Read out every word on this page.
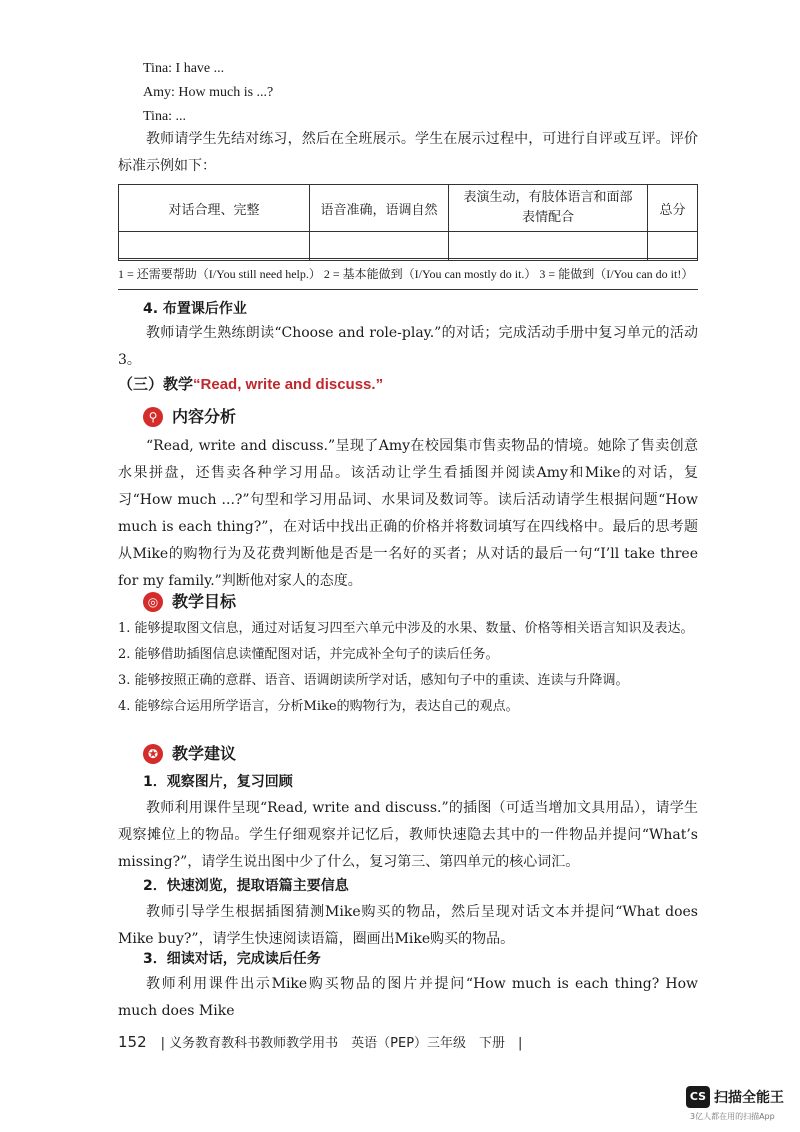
Tina: I have ...
Amy: How much is ...?
Tina: ...
教师请学生先结对练习，然后在全班展示。学生在展示过程中，可进行自评或互评。评价标准示例如下：
对话合理、完整	语音准确，语调自然	表演生动，有肢体语言和面部表情配合	总分

1 = 还需要帮助（I/You still need help.） 2 = 基本能做到（I/You can mostly do it.） 3 = 能做到（I/You can do it!）
4. 布置课后作业
教师请学生熟练朗读“Choose and role-play.”的对话；完成活动手册中复习单元的活动3。
（三）教学“Read, write and discuss.”
⚲ 内容分析
“Read, write and discuss.”呈现了Amy在校园集市售卖物品的情境。她除了售卖创意水果拼盘，还售卖各种学习用品。该活动让学生看插图并阅读Amy和Mike的对话，复习“How much ...?”句型和学习用品词、水果词及数词等。读后活动请学生根据问题“How much is each thing?”，在对话中找出正确的价格并将数词填写在四线格中。最后的思考题从Mike的购物行为及花费判断他是否是一名好的买者；从对话的最后一句“I’ll take three for my family.”判断他对家人的态度。
◎ 教学目标
1. 能够提取图文信息，通过对话复习四至六单元中涉及的水果、数量、价格等相关语言知识及表达。
2. 能够借助插图信息读懂配图对话，并完成补全句子的读后任务。
3. 能够按照正确的意群、语音、语调朗读所学对话，感知句子中的重读、连读与升降调。
4. 能够综合运用所学语言，分析Mike的购物行为，表达自己的观点。
✪ 教学建议
1．观察图片，复习回顾
教师利用课件呈现“Read, write and discuss.”的插图（可适当增加文具用品），请学生观察摊位上的物品。学生仔细观察并记忆后，教师快速隐去其中的一件物品并提问“What’s missing?”，请学生说出图中少了什么，复习第三、第四单元的核心词汇。
2．快速浏览，提取语篇主要信息
教师引导学生根据插图猜测Mike购买的物品，然后呈现对话文本并提问“What does Mike buy?”，请学生快速阅读语篇，圈画出Mike购买的物品。
3．细读对话，完成读后任务
教师利用课件出示Mike购买物品的图片并提问“How much is each thing? How much does Mike
152 | 义务教育教科书教师教学用书　英语（PEP）三年级　下册　|
CS 扫描全能王
3亿人都在用的扫描App
